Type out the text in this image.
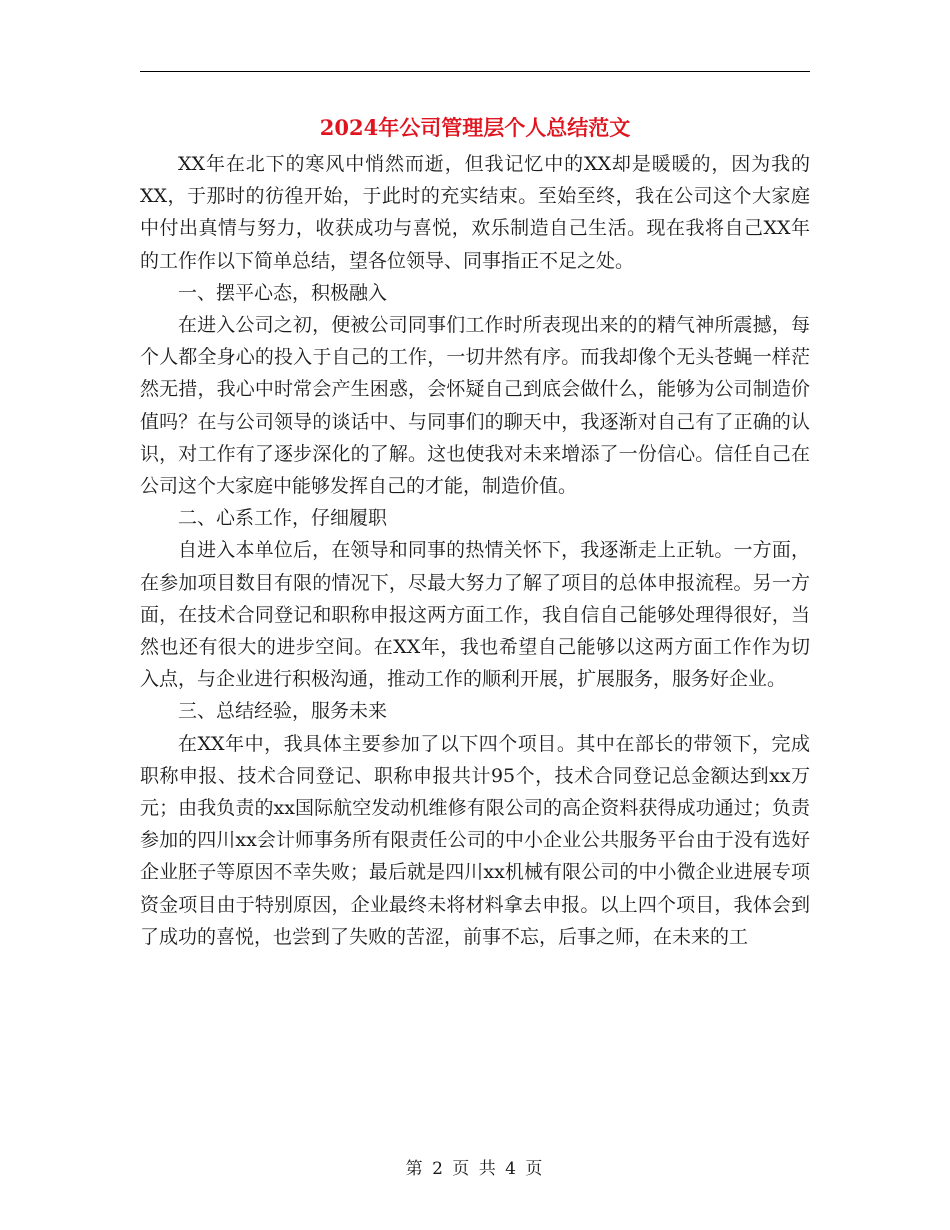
2024年公司管理层个人总结范文

XX年在北下的寒风中悄然而逝，但我记忆中的XX却是暖暖的，因为我的XX，于那时的彷徨开始，于此时的充实结束。至始至终，我在公司这个大家庭中付出真情与努力，收获成功与喜悦，欢乐制造自己生活。现在我将自己XX年的工作作以下简单总结，望各位领导、同事指正不足之处。

一、摆平心态，积极融入

在进入公司之初，便被公司同事们工作时所表现出来的的精气神所震撼，每个人都全身心的投入于自己的工作，一切井然有序。而我却像个无头苍蝇一样茫然无措，我心中时常会产生困惑，会怀疑自己到底会做什么，能够为公司制造价值吗？在与公司领导的谈话中、与同事们的聊天中，我逐渐对自己有了正确的认识，对工作有了逐步深化的了解。这也使我对未来增添了一份信心。信任自己在公司这个大家庭中能够发挥自己的才能，制造价值。

二、心系工作，仔细履职

自进入本单位后，在领导和同事的热情关怀下，我逐渐走上正轨。一方面，在参加项目数目有限的情况下，尽最大努力了解了项目的总体申报流程。另一方面，在技术合同登记和职称申报这两方面工作，我自信自己能够处理得很好，当然也还有很大的进步空间。在XX年，我也希望自己能够以这两方面工作作为切入点，与企业进行积极沟通，推动工作的顺利开展，扩展服务，服务好企业。

三、总结经验，服务未来

在XX年中，我具体主要参加了以下四个项目。其中在部长的带领下，完成职称申报、技术合同登记、职称申报共计95个，技术合同登记总金额达到xx万元；由我负责的xx国际航空发动机维修有限公司的高企资料获得成功通过；负责参加的四川xx会计师事务所有限责任公司的中小企业公共服务平台由于没有选好企业胚子等原因不幸失败；最后就是四川xx机械有限公司的中小微企业进展专项资金项目由于特别原因，企业最终未将材料拿去申报。以上四个项目，我体会到了成功的喜悦，也尝到了失败的苦涩，前事不忘，后事之师，在未来的工

第 2 页 共 4 页
